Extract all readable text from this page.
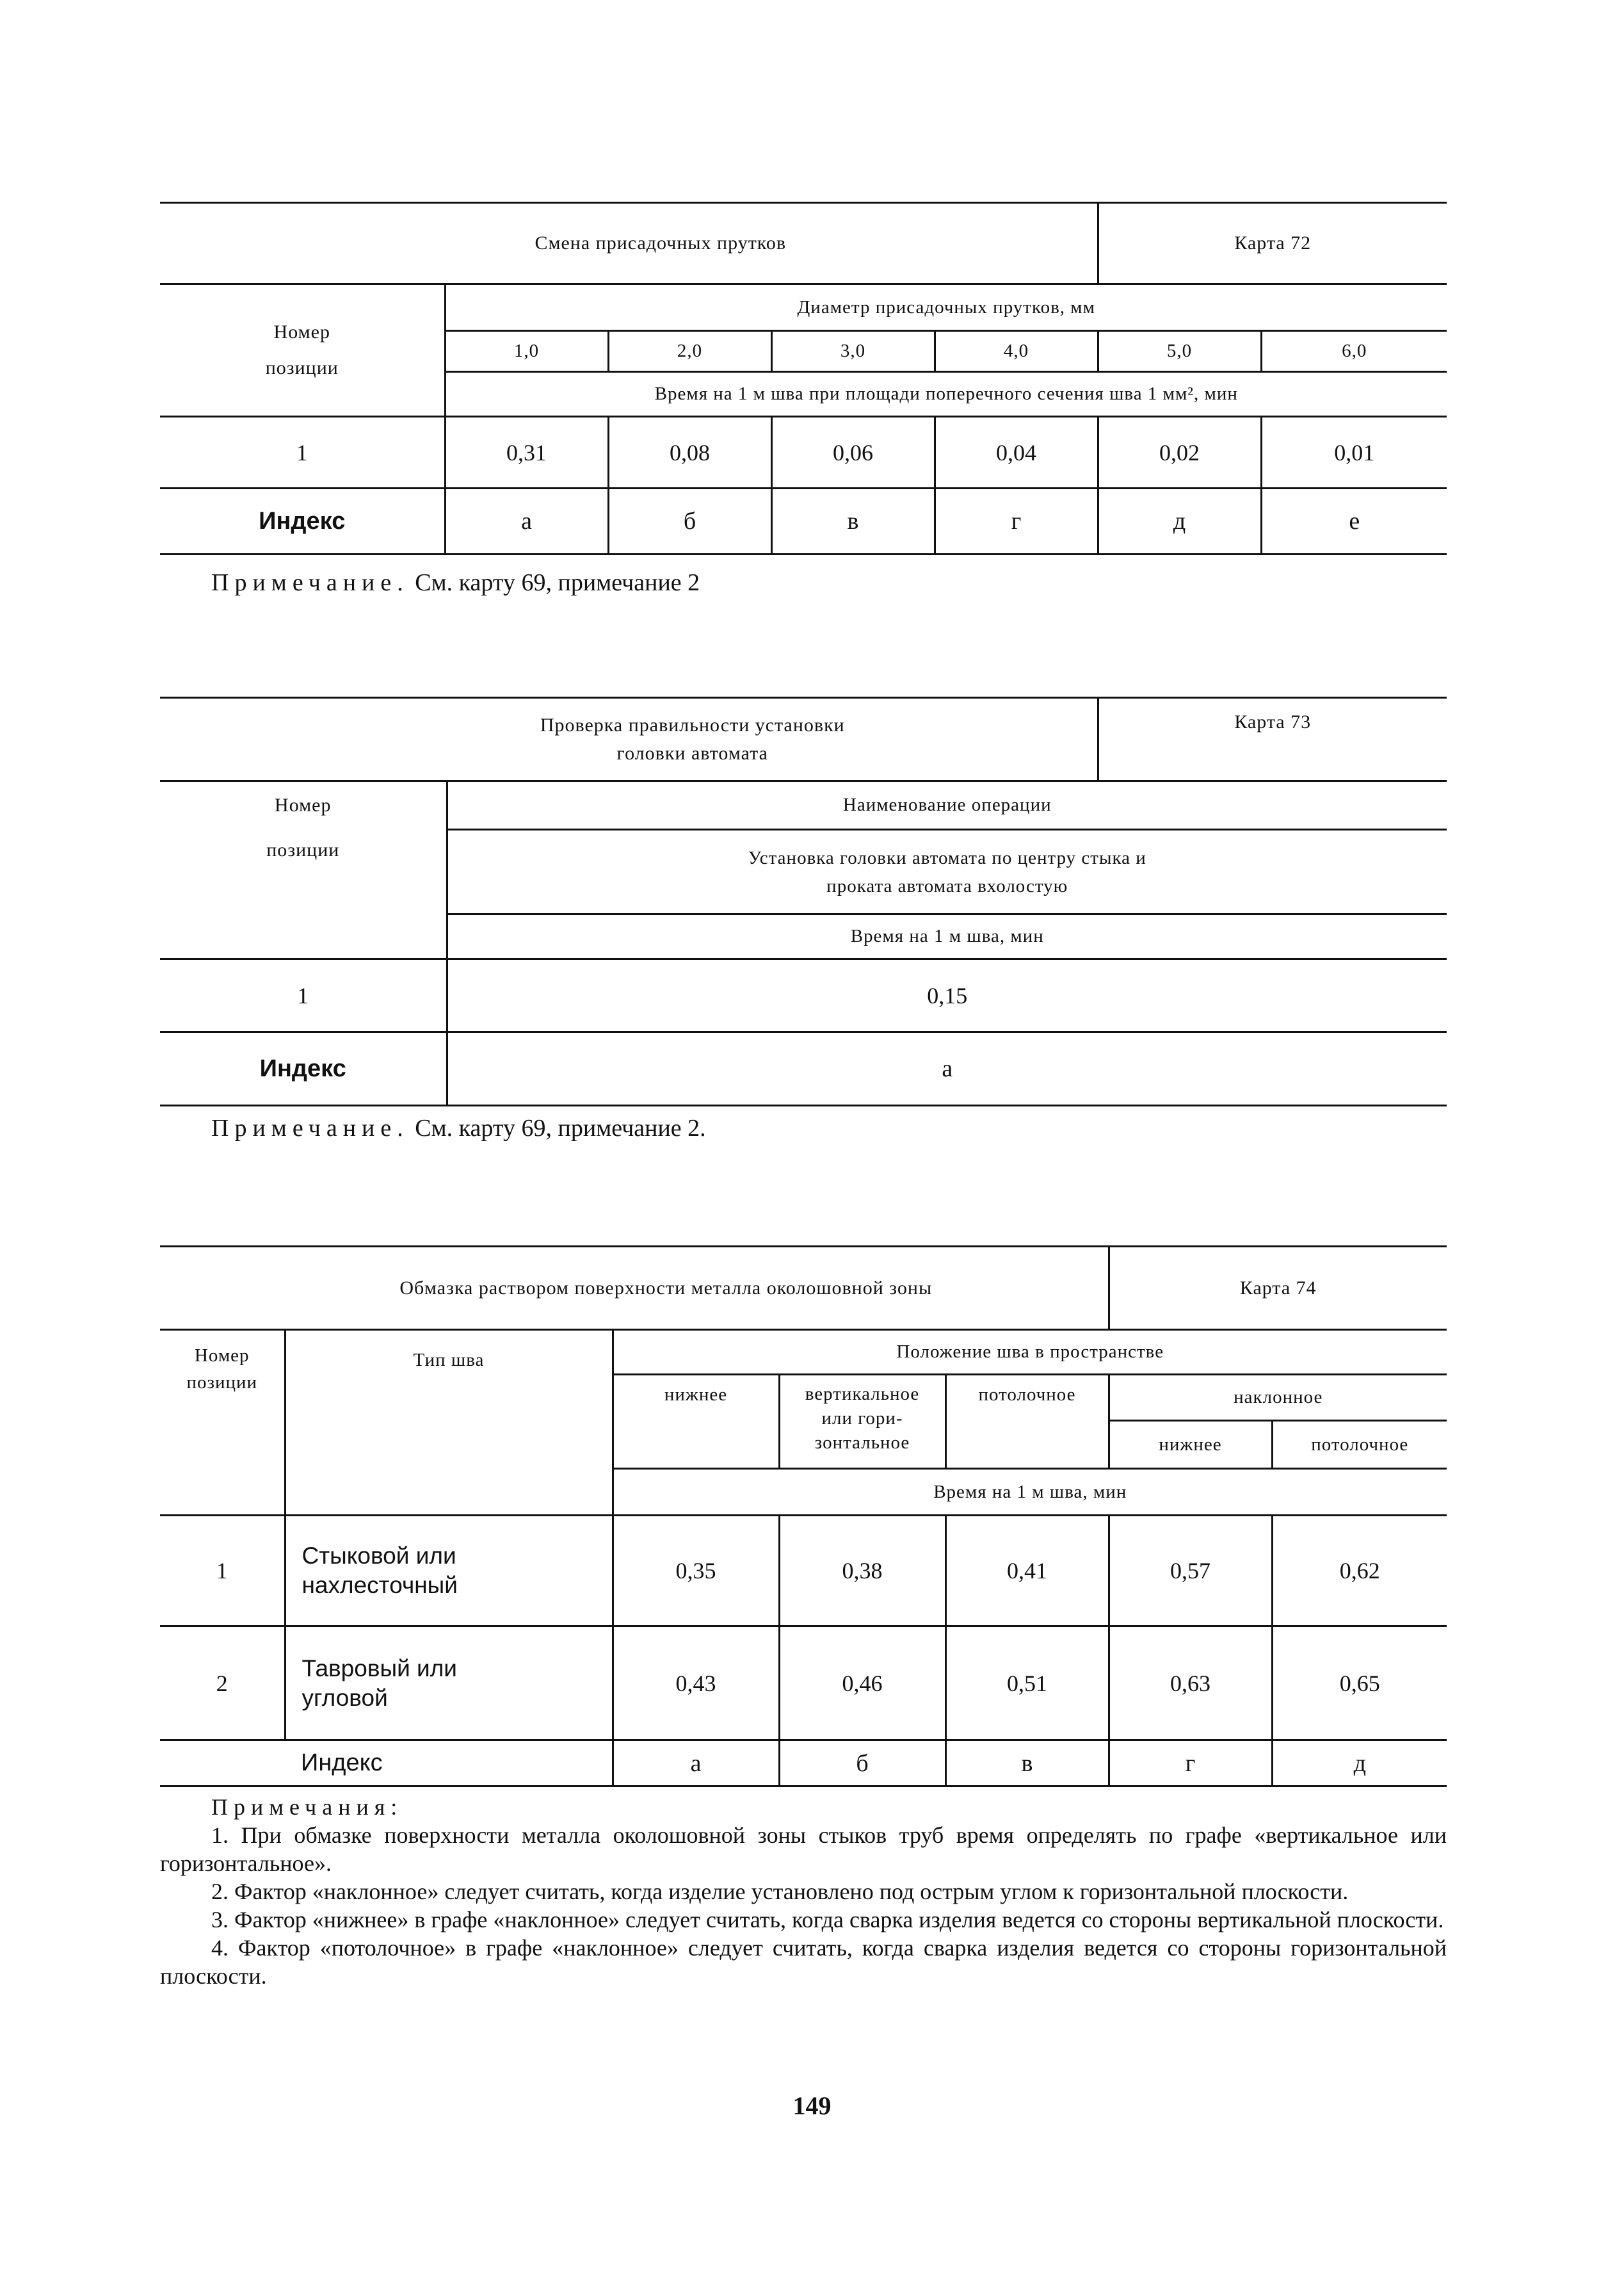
Смена присадочных прутков					Карта 72	

Номер
позиции	Диаметр присадочных прутков, мм					
	1,0	2,0	3,0	4,0	5,0	6,0
	Время на 1 м шва при площади поперечного сечения шва 1 мм², мин					
1	0,31	0,08	0,06	0,04	0,02	0,01
Индекс	а	б	в	г	д	е
Примечание. См. карту 69, примечание 2
Проверка правильности установки
головки автомата		Карта 73

Номер
позиции	Наименование операции	

	Установка головки автомата по центру стыка и
проката автомата вхолостую	

	Время на 1 м шва, мин	
1	0,15	
Индекс	а	
Примечание. См. карту 69, примечание 2.
Обмазка раствором поверхности металла околошовной зоны					Карта 74	

Номер
позиции	Тип шва	Положение шва в пространстве				
		нижнее	вертикальное
или гори-
зонтальное	потолочное	наклонное	
					нижнее	потолочное
		Время на 1 м шва, мин				
1	Стыковой или
нахлесточный	0,35	0,38	0,41	0,57	0,62
2	Тавровый или
угловой	0,43	0,46	0,51	0,63	0,65
	Индекс	а	б	в	г	д
Примечания:
1. При обмазке поверхности металла околошовной зоны стыков труб время определять по графе «вертикальное или горизонтальное».
2. Фактор «наклонное» следует считать, когда изделие установлено под острым углом к горизонтальной плоскости.
3. Фактор «нижнее» в графе «наклонное» следует считать, когда сварка изделия ведется со стороны вертикальной плоскости.
4. Фактор «потолочное» в графе «наклонное» следует считать, когда сварка изделия ведется со стороны горизонтальной плоскости.
149
